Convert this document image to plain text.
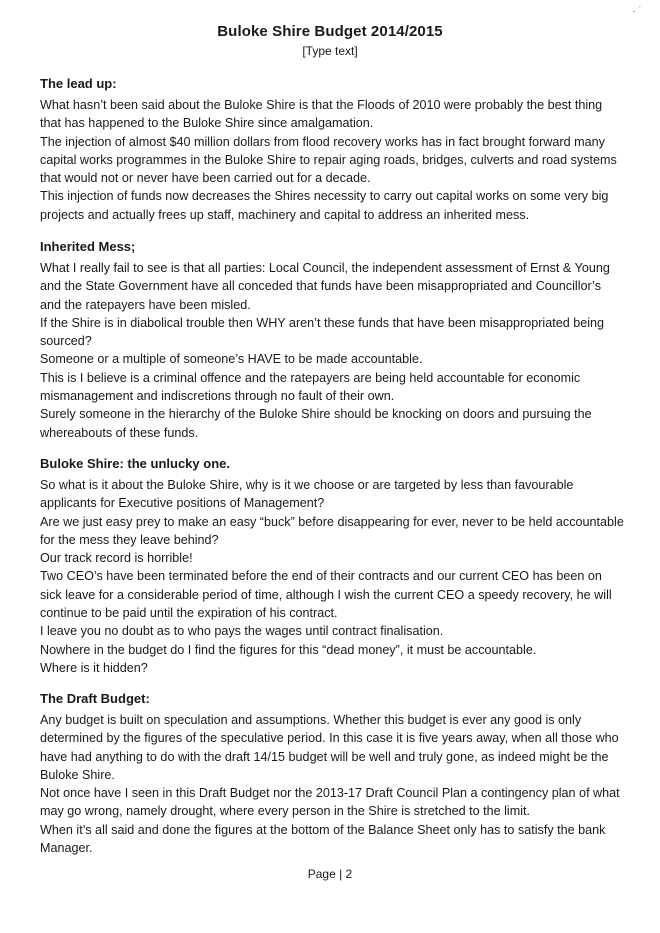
· ˙
Buloke Shire Budget 2014/2015
[Type text]
The lead up:

What hasn’t been said about the Buloke Shire is that the Floods of 2010 were probably the best thing that has happened to the Buloke Shire since amalgamation.

The injection of almost $40 million dollars from flood recovery works has in fact brought forward many capital works programmes in the Buloke Shire to repair aging roads, bridges, culverts and road systems that would not or never have been carried out for a decade.

This injection of funds now decreases the Shires necessity to carry out capital works on some very big projects and actually frees up staff, machinery and capital to address an inherited mess.

Inherited Mess;

What I really fail to see is that all parties: Local Council, the independent assessment of Ernst & Young and the State Government have all conceded that funds have been misappropriated and Councillor’s and the ratepayers have been misled.

If the Shire is in diabolical trouble then WHY aren’t these funds that have been misappropriated being sourced?

Someone or a multiple of someone’s HAVE to be made accountable.

This is I believe is a criminal offence and the ratepayers are being held accountable for economic mismanagement and indiscretions through no fault of their own.

Surely someone in the hierarchy of the Buloke Shire should be knocking on doors and pursuing the whereabouts of these funds.

Buloke Shire: the unlucky one.

So what is it about the Buloke Shire, why is it we choose or are targeted by less than favourable applicants for Executive positions of Management?

Are we just easy prey to make an easy “buck” before disappearing for ever, never to be held accountable for the mess they leave behind?

Our track record is horrible!

Two CEO’s have been terminated before the end of their contracts and our current CEO has been on sick leave for a considerable period of time, although I wish the current CEO a speedy recovery, he will continue to be paid until the expiration of his contract.

I leave you no doubt as to who pays the wages until contract finalisation.

Nowhere in the budget do I find the figures for this “dead money”, it must be accountable.

Where is it hidden?

The Draft Budget:

Any budget is built on speculation and assumptions. Whether this budget is ever any good is only determined by the figures of the speculative period. In this case it is five years away, when all those who have had anything to do with the draft 14/15 budget will be well and truly gone, as indeed might be the Buloke Shire.

Not once have I seen in this Draft Budget nor the 2013-17 Draft Council Plan a contingency plan of what may go wrong, namely drought, where every person in the Shire is stretched to the limit.

When it’s all said and done the figures at the bottom of the Balance Sheet only has to satisfy the bank Manager.

Page | 2
